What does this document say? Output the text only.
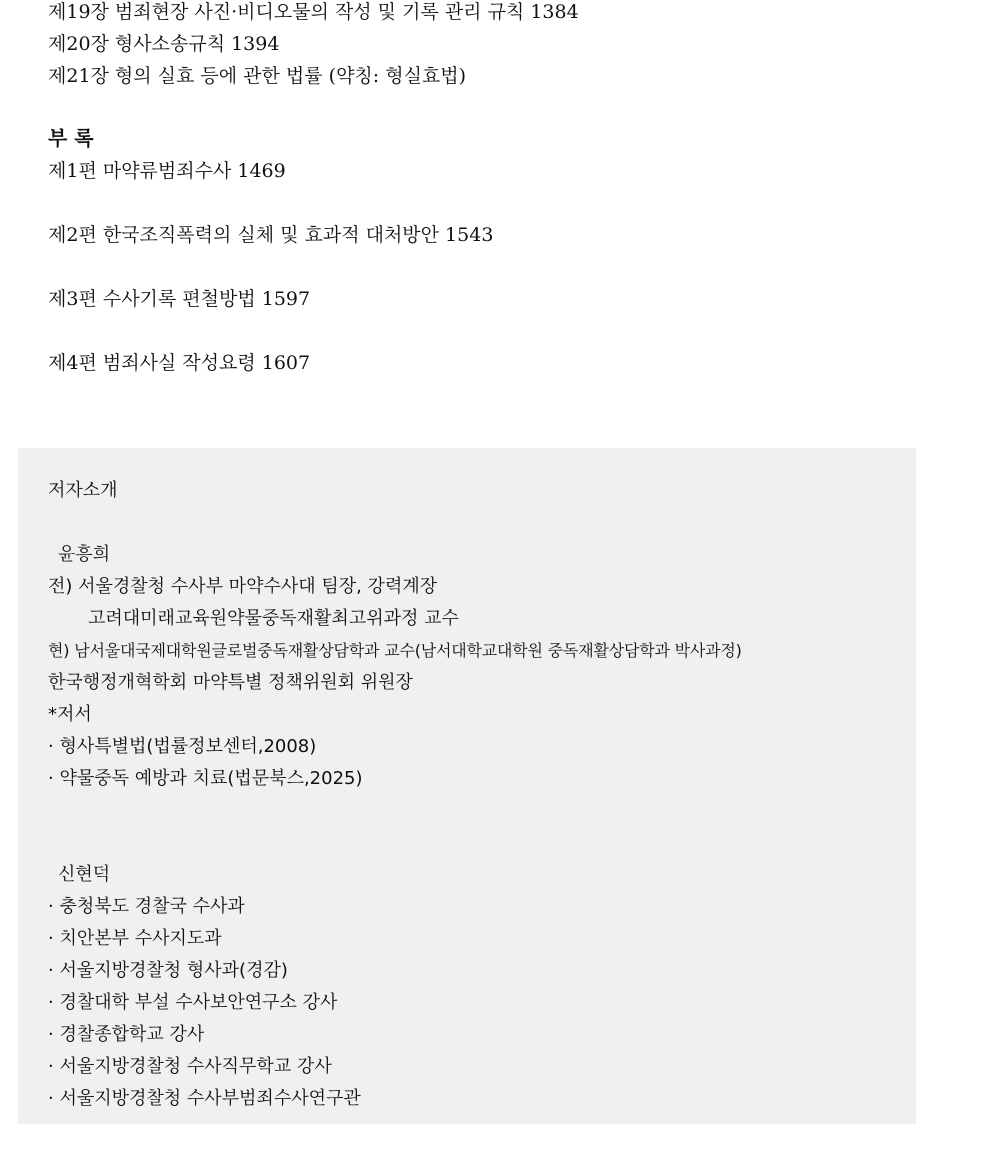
제19장 범죄현장 사진·비디오물의 작성 및 기록 관리 규칙 1384
제20장 형사소송규칙 1394
제21장 형의 실효 등에 관한 법률 (약칭: 형실효법)
부 록
제1편 마약류범죄수사 1469
제2편 한국조직폭력의 실체 및 효과적 대처방안 1543
제3편 수사기록 편철방법 1597
제4편 범죄사실 작성요령 1607
저자소개
윤흥희
전) 서울경찰청 수사부 마약수사대 팀장, 강력계장
고려대미래교육원약물중독재활최고위과정 교수
현) 남서울대국제대학원글로벌중독재활상담학과 교수(남서대학교대학원 중독재활상담학과 박사과정)
한국행정개혁학회 마약특별 정책위원회 위원장
*저서
· 형사특별법(법률정보센터,2008)
· 약물중독 예방과 치료(법문북스,2025)
신현덕
· 충청북도 경찰국 수사과
· 치안본부 수사지도과
· 서울지방경찰청 형사과(경감)
· 경찰대학 부설 수사보안연구소 강사
· 경찰종합학교 강사
· 서울지방경찰청 수사직무학교 강사
· 서울지방경찰청 수사부범죄수사연구관
